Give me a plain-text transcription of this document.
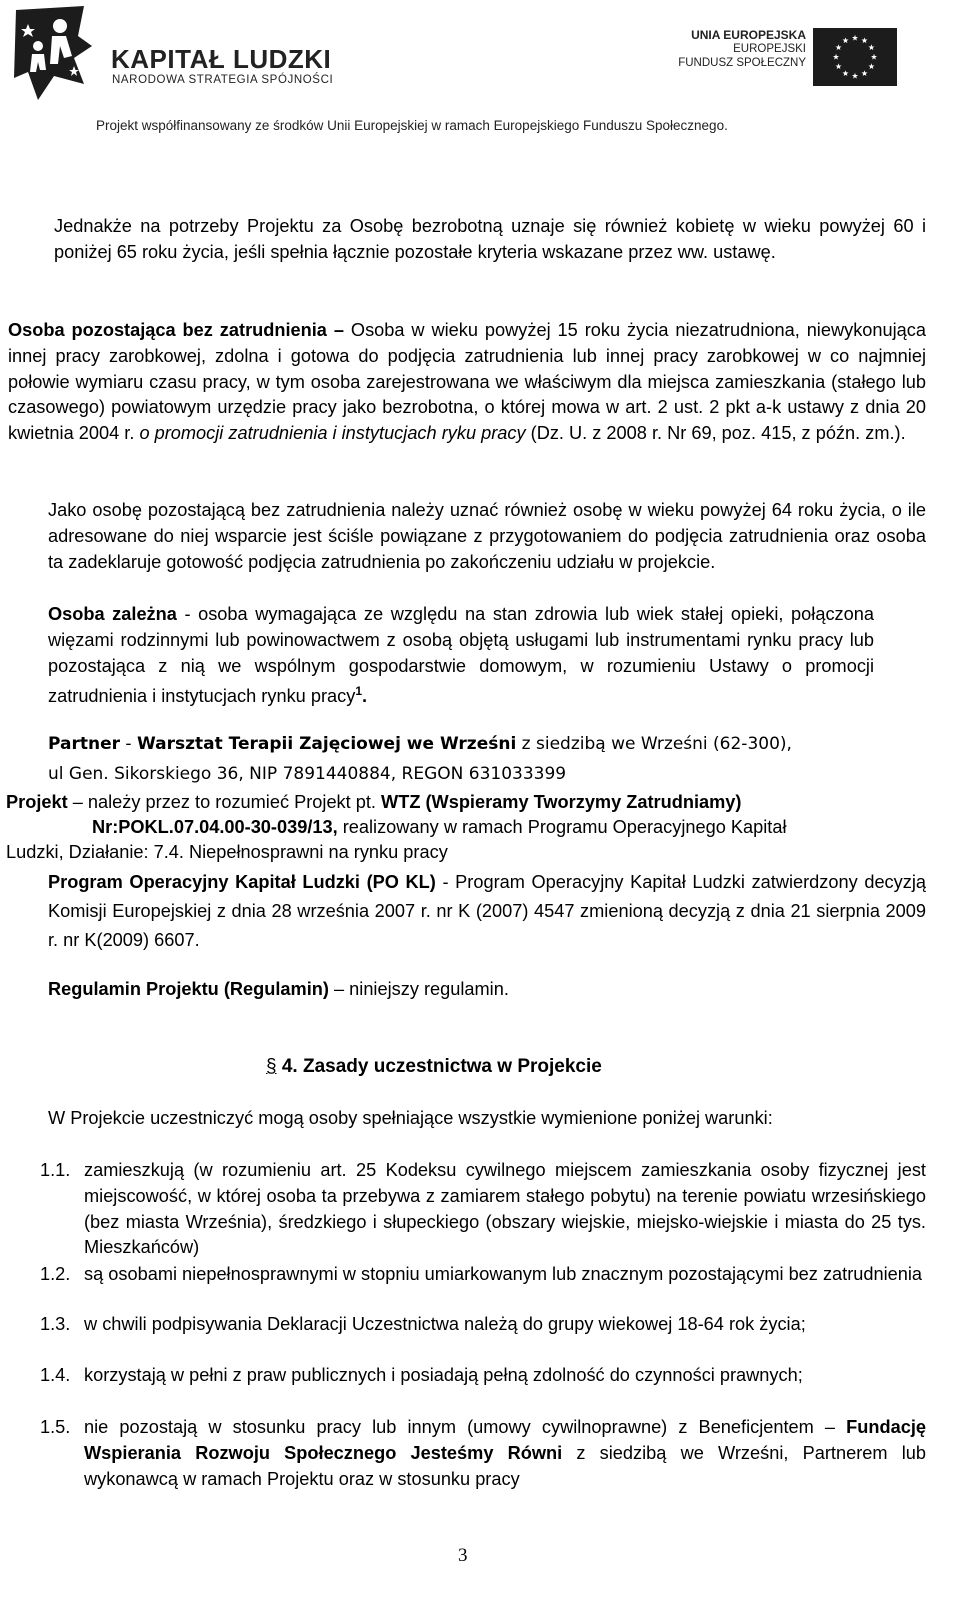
KAPITAŁ LUDZKI
NARODOWA STRATEGIA SPÓJNOŚCI
UNIA EUROPEJSKA
EUROPEJSKI
FUNDUSZ SPOŁECZNY
Projekt współfinansowany ze środków Unii Europejskiej w ramach Europejskiego Funduszu Społecznego.
Jednakże na potrzeby Projektu za Osobę bezrobotną uznaje się również kobietę w wieku powyżej 60 i poniżej 65 roku życia, jeśli spełnia łącznie pozostałe kryteria wskazane przez ww. ustawę.
Osoba pozostająca bez zatrudnienia – Osoba w wieku powyżej 15 roku życia niezatrudniona, niewykonująca innej pracy zarobkowej, zdolna i gotowa do podjęcia zatrudnienia lub innej pracy zarobkowej w co najmniej połowie wymiaru czasu pracy, w tym osoba zarejestrowana we właściwym dla miejsca zamieszkania (stałego lub czasowego) powiatowym urzędzie pracy jako bezrobotna, o której mowa w art. 2 ust. 2 pkt a-k ustawy z dnia 20 kwietnia 2004 r. o promocji zatrudnienia i instytucjach ryku pracy (Dz. U. z 2008 r. Nr 69, poz. 415, z późn. zm.).
Jako osobę pozostającą bez zatrudnienia należy uznać również osobę w wieku powyżej 64 roku życia, o ile adresowane do niej wsparcie jest ściśle powiązane z przygotowaniem do podjęcia zatrudnienia oraz osoba ta zadeklaruje gotowość podjęcia zatrudnienia po zakończeniu udziału w projekcie.
Osoba zależna - osoba wymagająca ze względu na stan zdrowia lub wiek stałej opieki, połączona więzami rodzinnymi lub powinowactwem z osobą objętą usługami lub instrumentami rynku pracy lub pozostająca z nią we wspólnym gospodarstwie domowym, w rozumieniu Ustawy o promocji zatrudnienia i instytucjach rynku pracy$^1$.
Partner - Warsztat Terapii Zajęciowej we Wrześni z siedzibą we Wrześni (62-300),
ul Gen. Sikorskiego 36, NIP 7891440884, REGON 631033399
Projekt – należy przez to rozumieć Projekt pt. WTZ (Wspieramy Tworzymy Zatrudniamy)
Nr:POKL.07.04.00-30-039/13, realizowany w ramach Programu Operacyjnego Kapitał
Ludzki, Działanie: 7.4. Niepełnosprawni na rynku pracy
Program Operacyjny Kapitał Ludzki (PO KL) - Program Operacyjny Kapitał Ludzki zatwierdzony decyzją Komisji Europejskiej z dnia 28 września 2007 r. nr K (2007) 4547 zmienioną decyzją z dnia 21 sierpnia 2009 r. nr K(2009) 6607.
Regulamin Projektu (Regulamin) – niniejszy regulamin.
§ 4. Zasady uczestnictwa w Projekcie
W Projekcie uczestniczyć mogą osoby spełniające wszystkie wymienione poniżej warunki:
1.1. zamieszkują (w rozumieniu art. 25 Kodeksu cywilnego miejscem zamieszkania osoby fizycznej jest miejscowość, w której osoba ta przebywa z zamiarem stałego pobytu) na terenie powiatu wrzesińskiego (bez miasta Września), średzkiego i słupeckiego (obszary wiejskie, miejsko-wiejskie i miasta do 25 tys. Mieszkańców)
1.2. są osobami niepełnosprawnymi w stopniu umiarkowanym lub znacznym pozostającymi bez zatrudnienia
1.3. w chwili podpisywania Deklaracji Uczestnictwa należą do grupy wiekowej 18-64 rok życia;
1.4. korzystają w pełni z praw publicznych i posiadają pełną zdolność do czynności prawnych;
1.5. nie pozostają w stosunku pracy lub innym (umowy cywilnoprawne) z Beneficjentem – Fundację Wspierania Rozwoju Społecznego Jesteśmy Równi z siedzibą we Wrześni, Partnerem lub wykonawcą w ramach Projektu oraz w stosunku pracy
3
